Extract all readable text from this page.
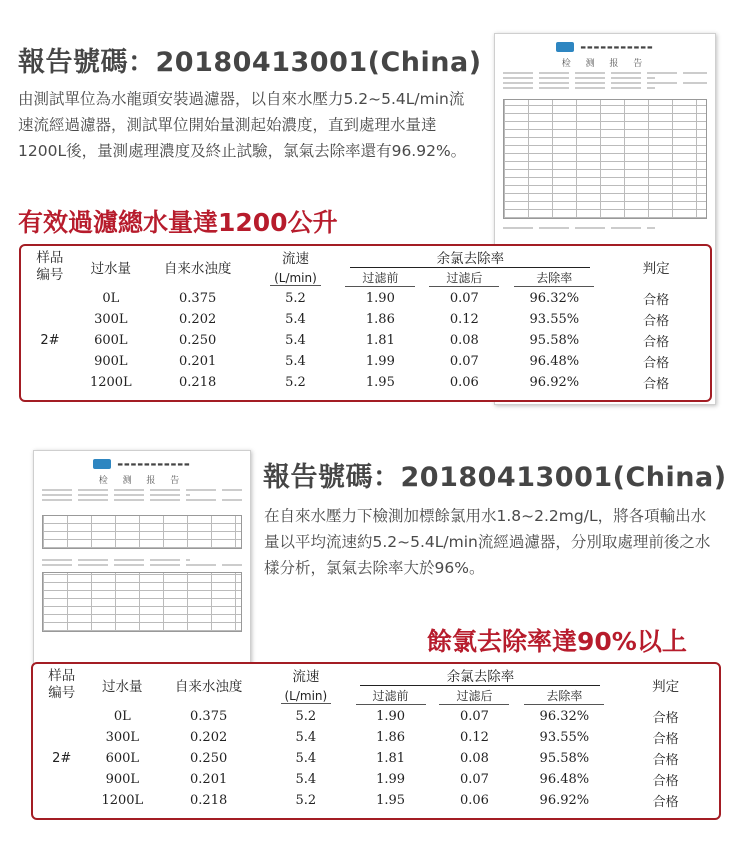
報告號碼：20180413001(China)
由測試單位為水龍頭安裝過濾器，以自來水壓力5.2~5.4L/min流速流經過濾器，測試單位開始量測起始濃度，直到處理水量達1200L後，量測處理濃度及終止試驗，氯氣去除率還有96.92%。
有效過濾總水量達1200公升
▬▬▬▬▬▬▬▬▬▬▬
检 测 报 告
样品
编号	过水量	自来水浊度	流速	余氯去除率			判定
			(L/min)	过滤前	过滤后	去除率	
2#	0L	0.375	5.2	1.90	0.07	96.32%	合格
	300L	0.202	5.4	1.86	0.12	93.55%	合格
	600L	0.250	5.4	1.81	0.08	95.58%	合格
	900L	0.201	5.4	1.99	0.07	96.48%	合格
	1200L	0.218	5.2	1.95	0.06	96.92%	合格
▬▬▬▬▬▬▬▬▬▬▬
检 测 报 告	報告號碼：20180413001(China)
在自來水壓力下檢測加標餘氯用水1.8~2.2mg/L，將各項輸出水量以平均流速約5.2~5.4L/min流經過濾器，分別取處理前後之水樣分析，氯氣去除率大於96%。
餘氯去除率達90%以上
样品
编号	过水量	自来水浊度	流速	余氯去除率			判定
			(L/min)	过滤前	过滤后	去除率	
2#	0L	0.375	5.2	1.90	0.07	96.32%	合格
	300L	0.202	5.4	1.86	0.12	93.55%	合格
	600L	0.250	5.4	1.81	0.08	95.58%	合格
	900L	0.201	5.4	1.99	0.07	96.48%	合格
	1200L	0.218	5.2	1.95	0.06	96.92%	合格
